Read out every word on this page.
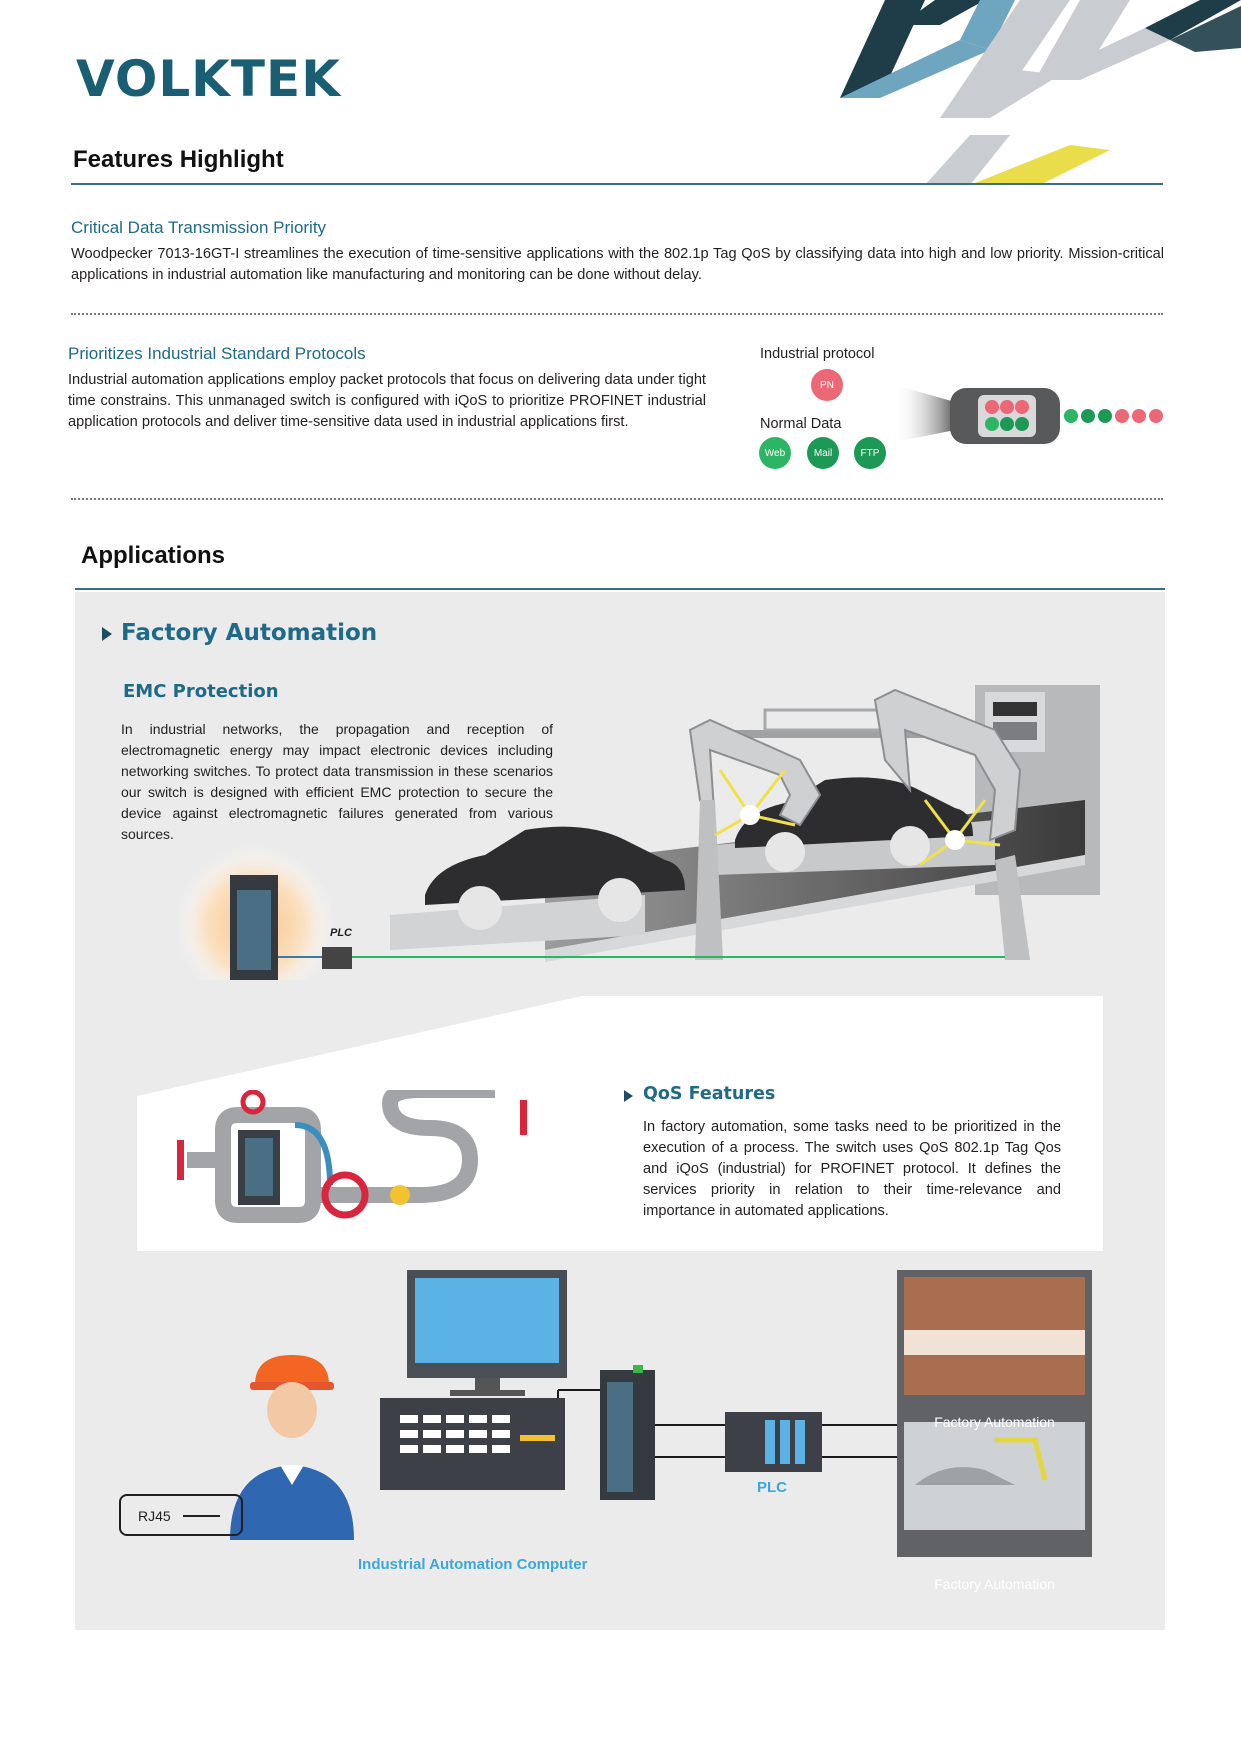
VOLKTEK
Features Highlight
Critical Data Transmission Priority
Woodpecker 7013-16GT-I streamlines the execution of time-sensitive applications with the 802.1p Tag QoS by classifying data into high and low priority. Mission-critical applications in industrial automation like manufacturing and monitoring can be done without delay.
Prioritizes Industrial Standard Protocols
Industrial automation applications employ packet protocols that focus on delivering data under tight time constrains. This unmanaged switch is configured with iQoS to prioritize PROFINET industrial application protocols and deliver time-sensitive data used in industrial applications first.
Industrial protocol
PN
Normal Data
Web	Mail	FTP
Applications
Factory Automation
EMC Protection
In industrial networks, the propagation and reception of electromagnetic energy may impact electronic devices including networking switches. To protect data transmission in these scenarios our switch is designed with efficient EMC protection to secure the device against electromagnetic failures generated from various sources.
PLC
QoS Features
In factory automation, some tasks need to be prioritized in the execution of a process. The switch uses QoS 802.1p Tag Qos and iQoS (industrial) for PROFINET protocol. It defines the services priority in relation to their time-relevance and importance in automated applications.
RJ45
Industrial Automation Computer
PLC
Factory Automation
Factory Automation
